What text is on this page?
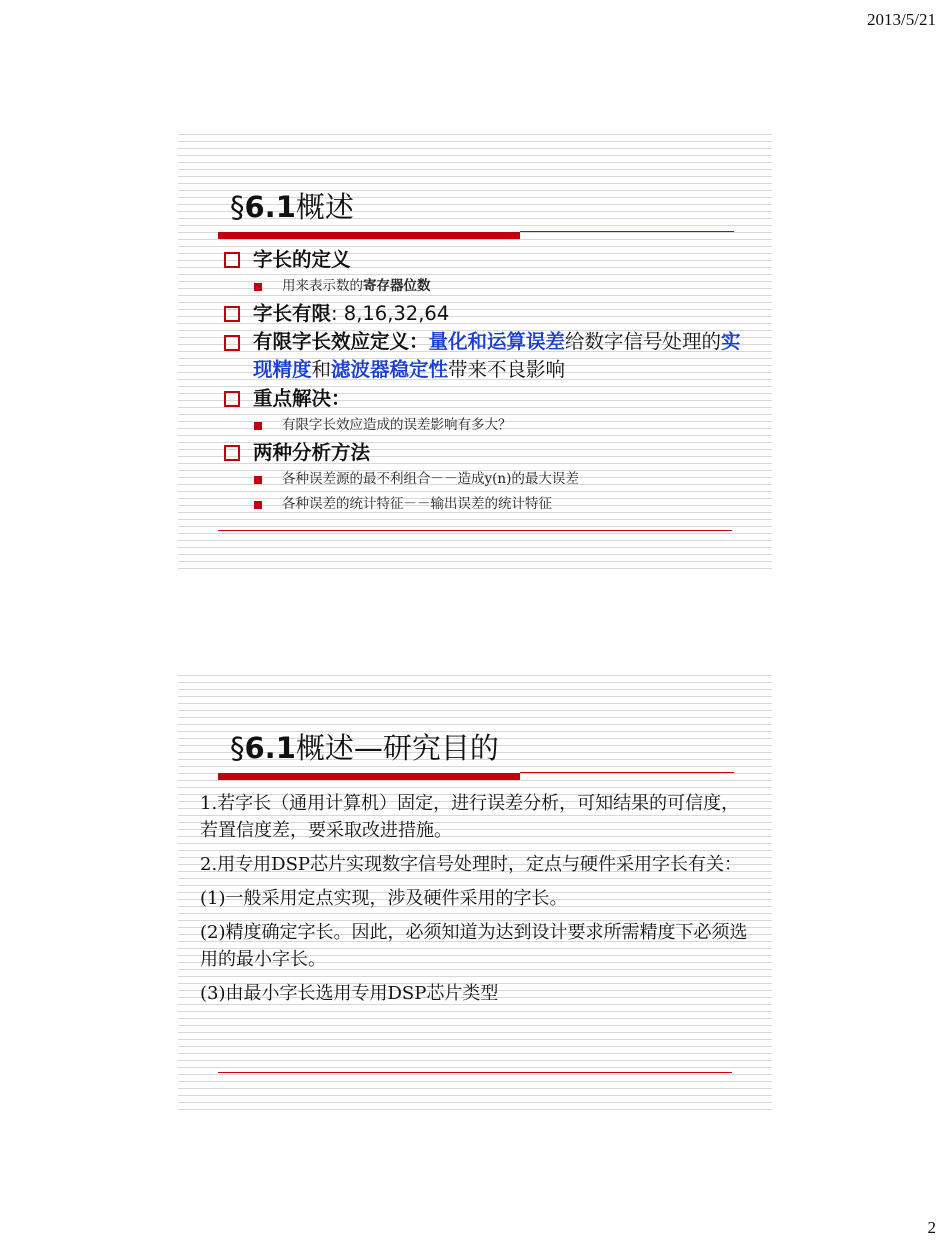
2013/5/21
§6.1概述
字长的定义
用来表示数的寄存器位数
字长有限: 8,16,32,64
有限字长效应定义：量化和运算误差给数字信号处理的实现精度和滤波器稳定性带来不良影响
重点解决：
有限字长效应造成的误差影响有多大？
两种分析方法
各种误差源的最不利组合－－造成y(n)的最大误差
各种误差的统计特征－－输出误差的统计特征
§6.1概述—研究目的

1.若字长（通用计算机）固定，进行误差分析，可知结果的可信度，若置信度差，要采取改进措施。

2.用专用DSP芯片实现数字信号处理时，定点与硬件采用字长有关：

(1)一般采用定点实现，涉及硬件采用的字长。

(2)精度确定字长。因此，必须知道为达到设计要求所需精度下必须选用的最小字长。

(3)由最小字长选用专用DSP芯片类型

2
